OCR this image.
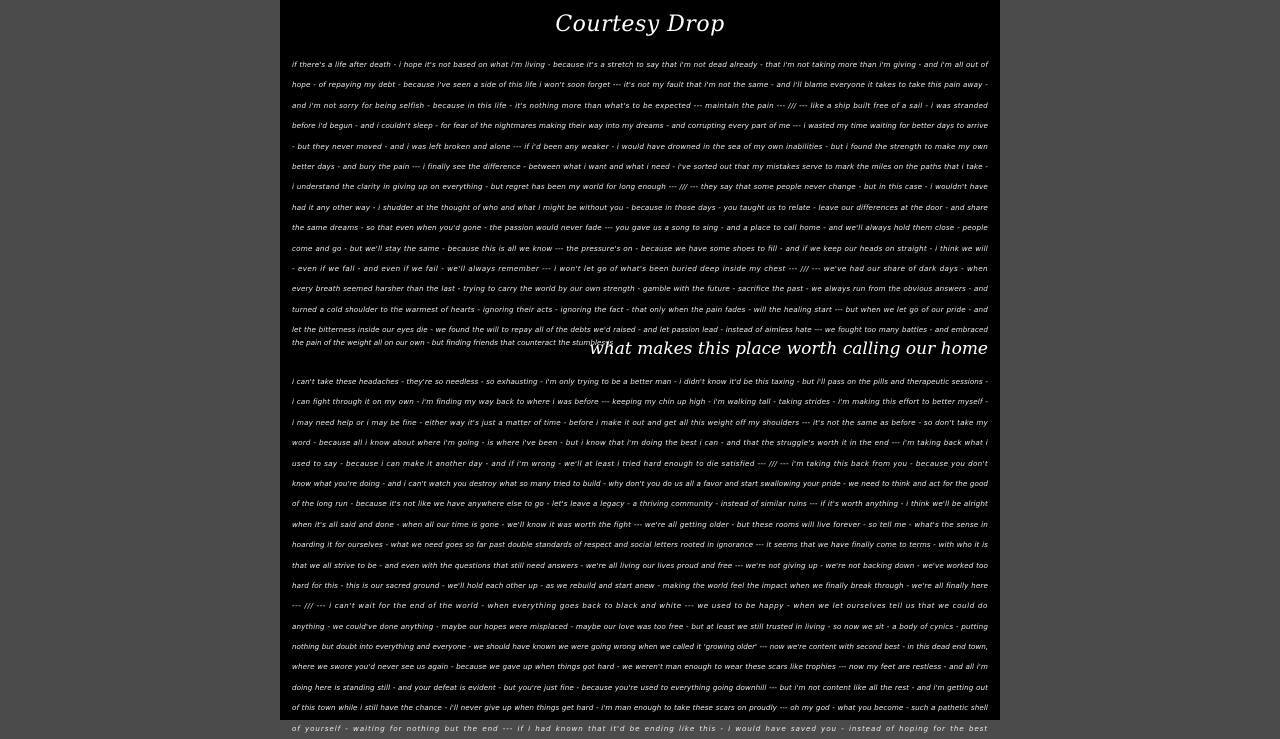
Courtesy Drop
if there's a life after death - i hope it's not based on what i'm living - because it's a stretch to say that i'm not dead already - that i'm not taking more than i'm giving - and i'm all out of
hope - of repaying my debt - because i've seen a side of this life i won't soon forget --- it's not my fault that i'm not the same - and i'll blame everyone it takes to take this pain away -
and i'm not sorry for being selfish - because in this life - it's nothing more than what's to be expected --- maintain the pain --- /// --- like a ship built free of a sail - i was stranded
before i'd begun - and i couldn't sleep - for fear of the nightmares making their way into my dreams - and corrupting every part of me --- i wasted my time waiting for better days to arrive
- but they never moved - and i was left broken and alone --- if i'd been any weaker - i would have drowned in the sea of my own inabilities - but i found the strength to make my own
better days - and bury the pain --- i finally see the difference - between what i want and what i need - i've sorted out that my mistakes serve to mark the miles on the paths that i take -
i understand the clarity in giving up on everything - but regret has been my world for long enough --- /// --- they say that some people never change - but in this case - i wouldn't have
had it any other way - i shudder at the thought of who and what i might be without you - because in those days - you taught us to relate - leave our differences at the door - and share
the same dreams - so that even when you'd gone - the passion would never fade --- you gave us a song to sing - and a place to call home - and we'll always hold them close - people
come and go - but we'll stay the same - because this is all we know --- the pressure's on - because we have some shoes to fill - and if we keep our heads on straight - i think we will
- even if we fall - and even if we fail - we'll always remember --- i won't let go of what's been buried deep inside my chest --- /// --- we've had our share of dark days - when
every breath seemed harsher than the last - trying to carry the world by our own strength - gamble with the future - sacrifice the past - we always run from the obvious answers - and
turned a cold shoulder to the warmest of hearts - ignoring their acts - ignoring the fact - that only when the pain fades - will the healing start --- but when we let go of our pride - and
let the bitterness inside our eyes die - we found the will to repay all of the debts we'd raised - and let passion lead - instead of aimless hate --- we fought too many battles - and embraced
the pain of the weight all on our own - but finding friends that counteract the stumbles is
what makes this place worth calling our home
i can't take these headaches - they're so needless - so exhausting - i'm only trying to be a better man - i didn't know it'd be this taxing - but i'll pass on the pills and therapeutic sessions -
i can fight through it on my own - i'm finding my way back to where i was before --- keeping my chin up high - i'm walking tall - taking strides - i'm making this effort to better myself -
i may need help or i may be fine - either way it's just a matter of time - before i make it out and get all this weight off my shoulders --- it's not the same as before - so don't take my
word - because all i know about where i'm going - is where i've been - but i know that i'm doing the best i can - and that the struggle's worth it in the end --- i'm taking back what i
used to say - because i can make it another day - and if i'm wrong - we'll at least i tried hard enough to die satisfied --- /// --- i'm taking this back from you - because you don't
know what you're doing - and i can't watch you destroy what so many tried to build - why don't you do us all a favor and start swallowing your pride - we need to think and act for the good
of the long run - because it's not like we have anywhere else to go - let's leave a legacy - a thriving community - instead of similar ruins --- if it's worth anything - i think we'll be alright
when it's all said and done - when all our time is gone - we'll know it was worth the fight --- we're all getting older - but these rooms will live forever - so tell me - what's the sense in
hoarding it for ourselves - what we need goes so far past double standards of respect and social letters rooted in ignorance --- it seems that we have finally come to terms - with who it is
that we all strive to be - and even with the questions that still need answers - we're all living our lives proud and free --- we're not giving up - we're not backing down - we've worked too
hard for this - this is our sacred ground - we'll hold each other up - as we rebuild and start anew - making the world feel the impact when we finally break through - we're all finally here
--- /// --- i can't wait for the end of the world - when everything goes back to black and white --- we used to be happy - when we let ourselves tell us that we could do
anything - we could've done anything - maybe our hopes were misplaced - maybe our love was too free - but at least we still trusted in living - so now we sit - a body of cynics - putting
nothing but doubt into everything and everyone - we should have known we were going wrong when we called it 'growing older' --- now we're content with second best - in this dead end town,
where we swore you'd never see us again - because we gave up when things got hard - we weren't man enough to wear these scars like trophies --- now my feet are restless - and all i'm
doing here is standing still - and your defeat is evident - but you're just fine - because you're used to everything going downhill --- but i'm not content like all the rest - and i'm getting out
of this town while i still have the chance - i'll never give up when things get hard - i'm man enough to take these scars on proudly --- oh my god - what you become - such a pathetic shell
of yourself - waiting for nothing but the end --- if i had known that it'd be ending like this - i would have saved you - instead of hoping for the best
